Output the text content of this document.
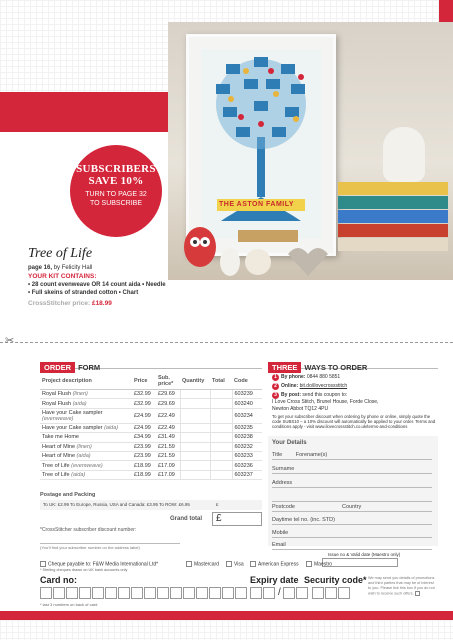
THE ASTON FAMILY
SUBSCRIBERS
SAVE 10%
TURN TO PAGE 32
TO SUBSCRIBE
Tree of Life
page 16, by Felicity Hall
YOUR KIT CONTAINS:
• 28 count evenweave OR 14 count aida • Needle
• Full skeins of stranded cotton • Chart
CrossStitcher price: £18.99
✂
ORDER FORM
Project description	Price	Sub. price*	Quantity	Total	Code
Royal Flush (linen)	£32.99	£29.69			603239
Royal Flush (aida)	£32.99	£29.69			603240
Have your Cake sampler (evenweave)	£24.99	£22.49			603234
Have your Cake sampler (aida)	£24.99	£22.49			603235
Take me Home	£34.99	£31.49			603238
Heart of Mine (linen)	£23.99	£21.59			603232
Heart of Mine (aida)	£23.99	£21.59			603233
Tree of Life (evenweave)	£18.99	£17.09			603236
Tree of Life (aida)	£18.99	£17.09			603237
Postage and Packing
To UK: £2.99 To Europe, Russia, USA and Canada: £3.95 To ROW: £6.95	£
Grand total	£
*CrossStitcher subscriber discount number:
(You'll find your subscriber number on the address label)
THREE WAYS TO ORDER
1 By phone: 0844 880 5851
2 Online: bit.do/ilovecrossstitch
3 By post: send this coupon to:
I Love Cross Stitch, Brunel House, Forde Close,
Newton Abbot TQ12 4PU
To get your subscriber discount when ordering by phone or online, simply quote the code SUBS10 – a 10% discount will automatically be applied to your order. Terms and conditions apply - visit www.ilovecrossstitch.co.uk/terms-and-conditions
Your Details
Title Forename(s)
Surname
Address
Postcode	Country
Daytime tel no. (inc. STD)
Mobile
Email
Issue no & Valid date (Maestro only)
Cheque payable to: F&W Media International Ltd*
* Sterling cheques drawn on UK bank accounts only
Mastercard	Visa	American Express	Maestro
Card no:
* last 3 numbers on back of card
Expiry date
/
Security code* We may send you details of promotions and third parties that may be of interest to you. Please tick this box if you do not wish to receive such offers.
